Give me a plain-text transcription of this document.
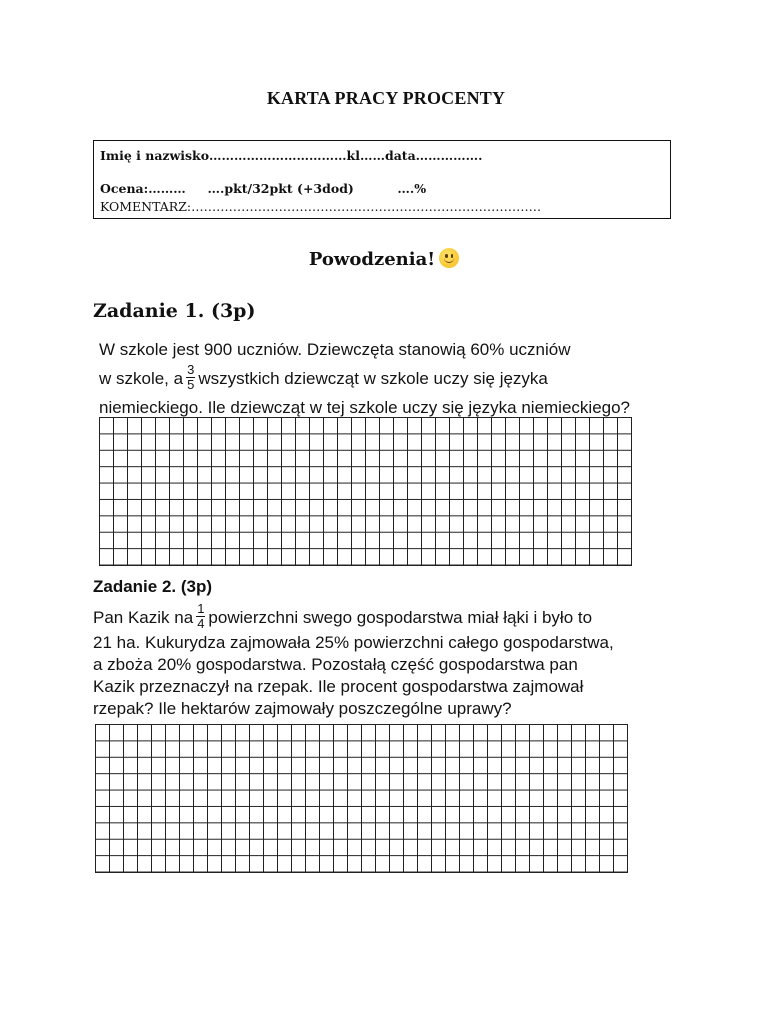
KARTA PRACY PROCENTY
Imię i nazwisko……………………………kl……data…………….
Ocena:………     ….pkt/32pkt (+3dod)          ….%
KOMENTARZ:…………………………………………………………………………
Powodzenia!
Zadanie 1. (3p)
W szkole jest 900 uczniów. Dziewczęta stanowią 60% uczniów
w szkole, a $\frac{3}{5}$ wszystkich dziewcząt w szkole uczy się języka
niemieckiego. Ile dziewcząt w tej szkole uczy się języka niemieckiego?
Zadanie 2. (3p)
Pan Kazik na $\frac{1}{4}$ powierzchni swego gospodarstwa miał łąki i było to
21 ha. Kukurydza zajmowała 25% powierzchni całego gospodarstwa,
a zboża 20% gospodarstwa. Pozostałą część gospodarstwa pan
Kazik przeznaczył na rzepak. Ile procent gospodarstwa zajmował
rzepak? Ile hektarów zajmowały poszczególne uprawy?
